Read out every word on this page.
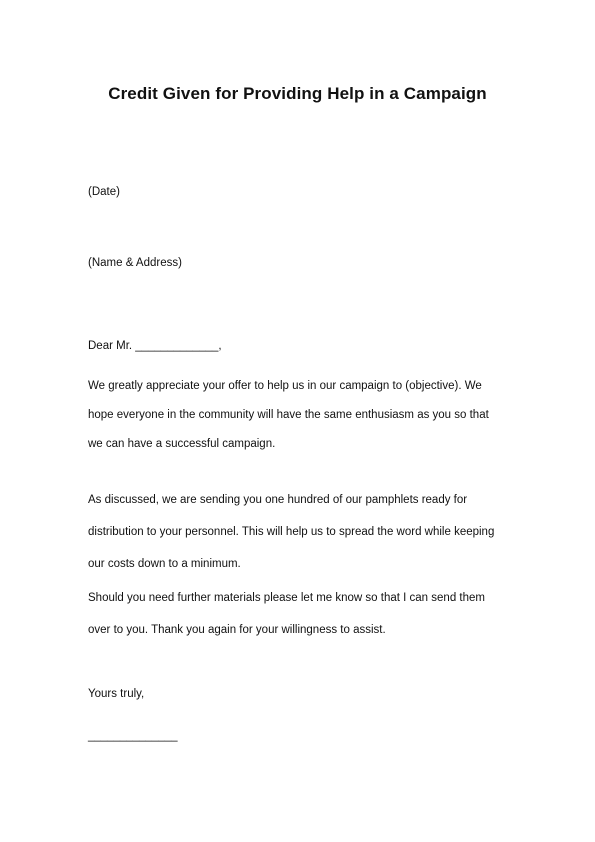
Credit Given for Providing Help in a Campaign
(Date)
(Name & Address)
Dear Mr. _____________,
We greatly appreciate your offer to help us in our campaign to (objective). We
hope everyone in the community will have the same enthusiasm as you so that
we can have a successful campaign.
As discussed, we are sending you one hundred of our pamphlets ready for
distribution to your personnel. This will help us to spread the word while keeping
our costs down to a minimum.
Should you need further materials please let me know so that I can send them
over to you. Thank you again for your willingness to assist.
Yours truly,
______________
